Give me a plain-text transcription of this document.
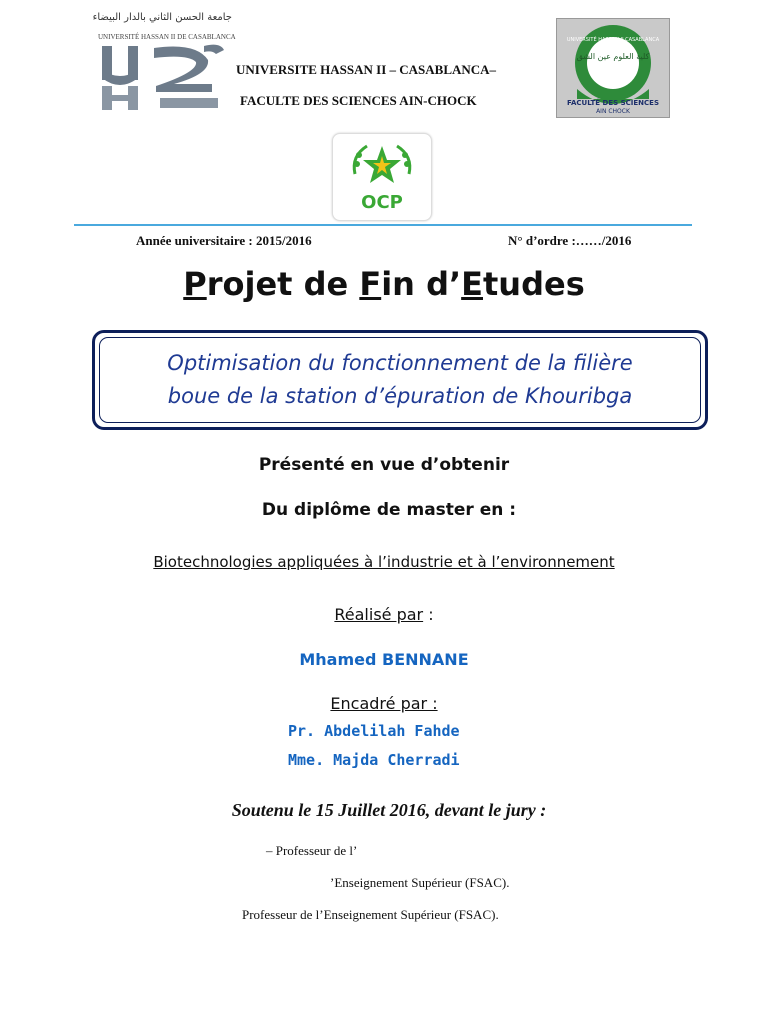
جامعة الحسن الثاني بالدار البيضاء
UNIVERSITÉ HASSAN II DE CASABLANCA
UNIVERSITE HASSAN II – CASABLANCA–
FACULTE DES SCIENCES AIN-CHOCK
كلية العلوم عين الشق
UNIVERSITÉ HASSAN II CASABLANCA
FACULTÉ DES SCIENCES
AIN CHOCK
OCP
Année universitaire : 2015/2016	N° d’ordre :……/2016
Projet de Fin d’Etudes
Optimisation du fonctionnement de la filière
boue de la station d’épuration de Khouribga
Présenté en vue d’obtenir
Du diplôme de master en :
Biotechnologies appliquées à l’industrie et à l’environnement
Réalisé par :
Mhamed BENNANE
Encadré par :
Pr. Abdelilah Fahde
Mme. Majda Cherradi
Soutenu le 15 Juillet 2016, devant le jury :
– Professeur de l’
’Enseignement Supérieur (FSAC).
Professeur de l’Enseignement Supérieur (FSAC).
